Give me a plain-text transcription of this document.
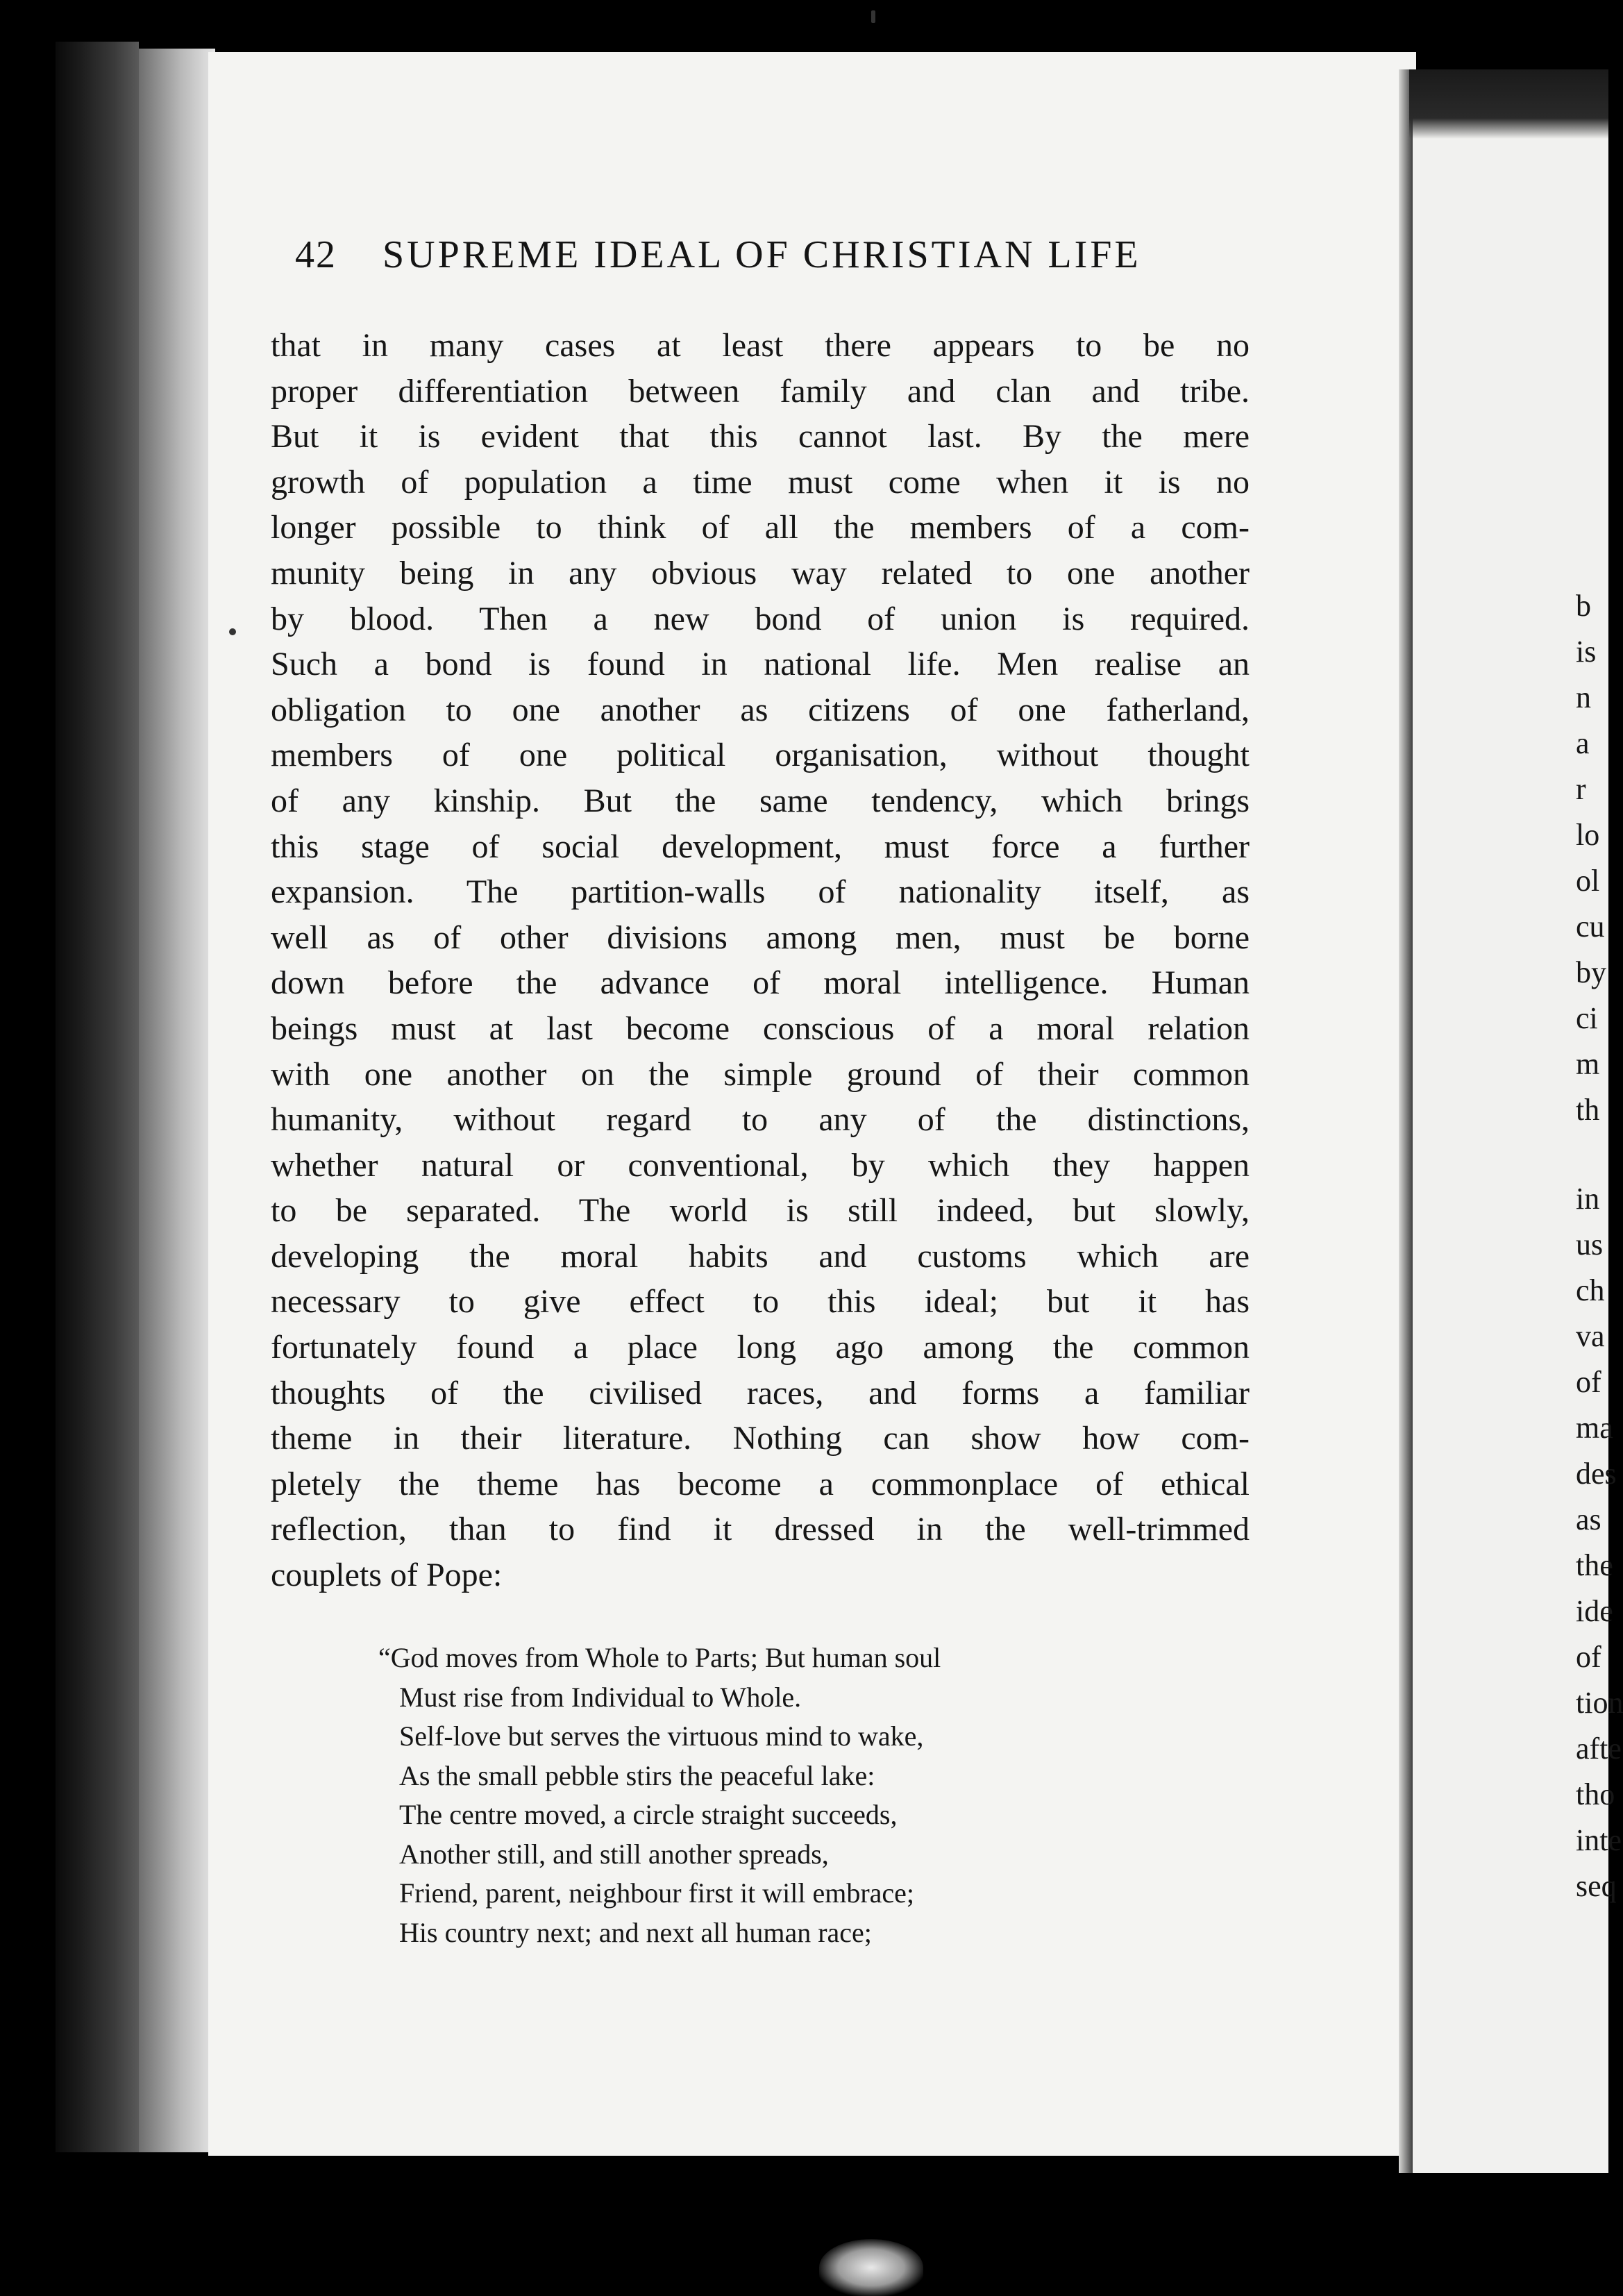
42 SUPREME IDEAL OF CHRISTIAN LIFE
that in many cases at least there appears to be no
proper differentiation between family and clan and tribe.
But it is evident that this cannot last. By the mere
growth of population a time must come when it is no
longer possible to think of all the members of a com-
munity being in any obvious way related to one another
by blood. Then a new bond of union is required.
Such a bond is found in national life. Men realise an
obligation to one another as citizens of one fatherland,
members of one political organisation, without thought
of any kinship. But the same tendency, which brings
this stage of social development, must force a further
expansion. The partition-walls of nationality itself, as
well as of other divisions among men, must be borne
down before the advance of moral intelligence. Human
beings must at last become conscious of a moral relation
with one another on the simple ground of their common
humanity, without regard to any of the distinctions,
whether natural or conventional, by which they happen
to be separated. The world is still indeed, but slowly,
developing the moral habits and customs which are
necessary to give effect to this ideal; but it has
fortunately found a place long ago among the common
thoughts of the civilised races, and forms a familiar
theme in their literature. Nothing can show how com-
pletely the theme has become a commonplace of ethical
reflection, than to find it dressed in the well-trimmed
couplets of Pope:
“God moves from Whole to Parts; But human soul
Must rise from Individual to Whole.
Self-love but serves the virtuous mind to wake,
As the small pebble stirs the peaceful lake:
The centre moved, a circle straight succeeds,
Another still, and still another spreads,
Friend, parent, neighbour first it will embrace;
His country next; and next all human race;
b
is
n
a
r
lo
ol
cu
by
ci
m
th
in
us
ch
va
of
ma
des
as
the
ide
of
tion
afte
tho
inte
seq
